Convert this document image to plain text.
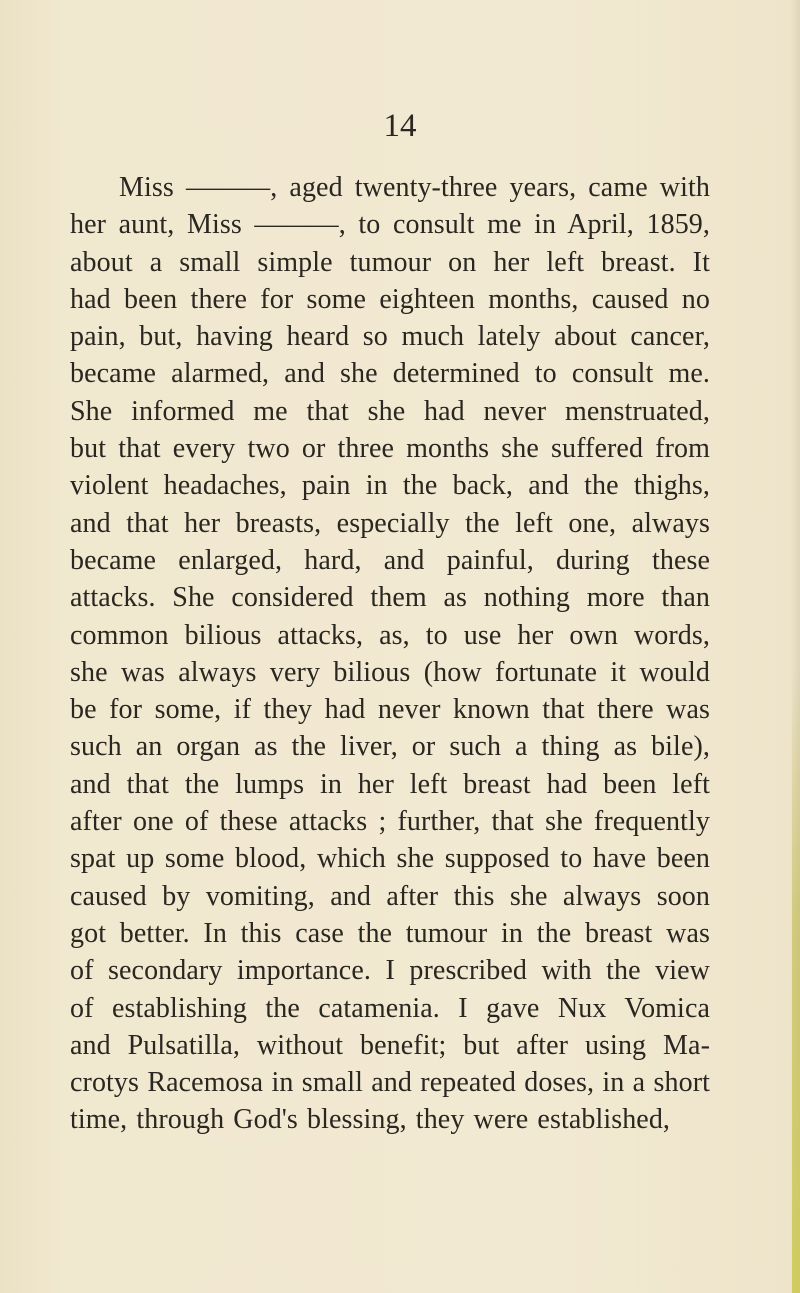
14
Miss ———, aged twenty-three years, came with
her aunt, Miss ———, to consult me in April, 1859,
about a small simple tumour on her left breast. It
had been there for some eighteen months, caused no
pain, but, having heard so much lately about cancer,
became alarmed, and she determined to consult me.
She informed me that she had never menstruated,
but that every two or three months she suffered from
violent headaches, pain in the back, and the thighs,
and that her breasts, especially the left one, always
became enlarged, hard, and painful, during these
attacks. She considered them as nothing more than
common bilious attacks, as, to use her own words,
she was always very bilious (how fortunate it would
be for some, if they had never known that there was
such an organ as the liver, or such a thing as bile),
and that the lumps in her left breast had been left
after one of these attacks ; further, that she frequently
spat up some blood, which she supposed to have been
caused by vomiting, and after this she always soon
got better. In this case the tumour in the breast was
of secondary importance. I prescribed with the view
of establishing the catamenia. I gave Nux Vomica
and Pulsatilla, without benefit; but after using Ma-
crotys Racemosa in small and repeated doses, in a short
time, through God's blessing, they were established,
